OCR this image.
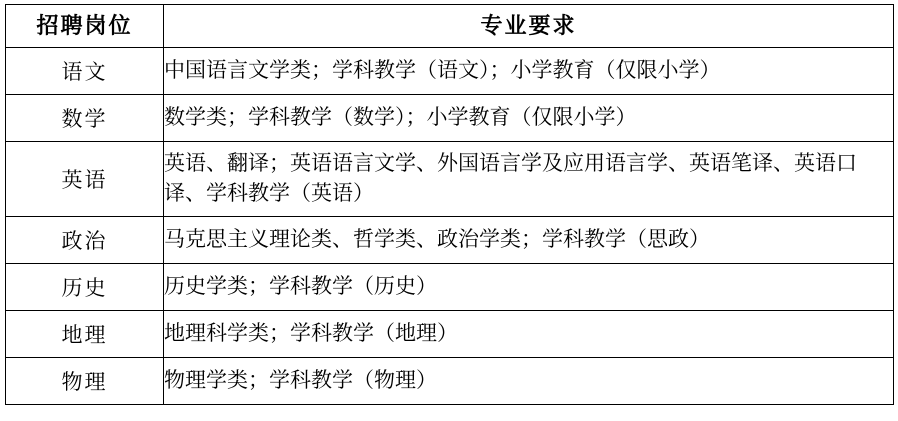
招聘岗位	专业要求
语文	中国语言文学类；学科教学（语文）；小学教育（仅限小学）
数学	数学类；学科教学（数学）；小学教育（仅限小学）
英语	英语、翻译；英语语言文学、外国语言学及应用语言学、英语笔译、英语口译、学科教学（英语）
政治	马克思主义理论类、哲学类、政治学类；学科教学（思政）
历史	历史学类；学科教学（历史）
地理	地理科学类；学科教学（地理）
物理	物理学类；学科教学（物理）
